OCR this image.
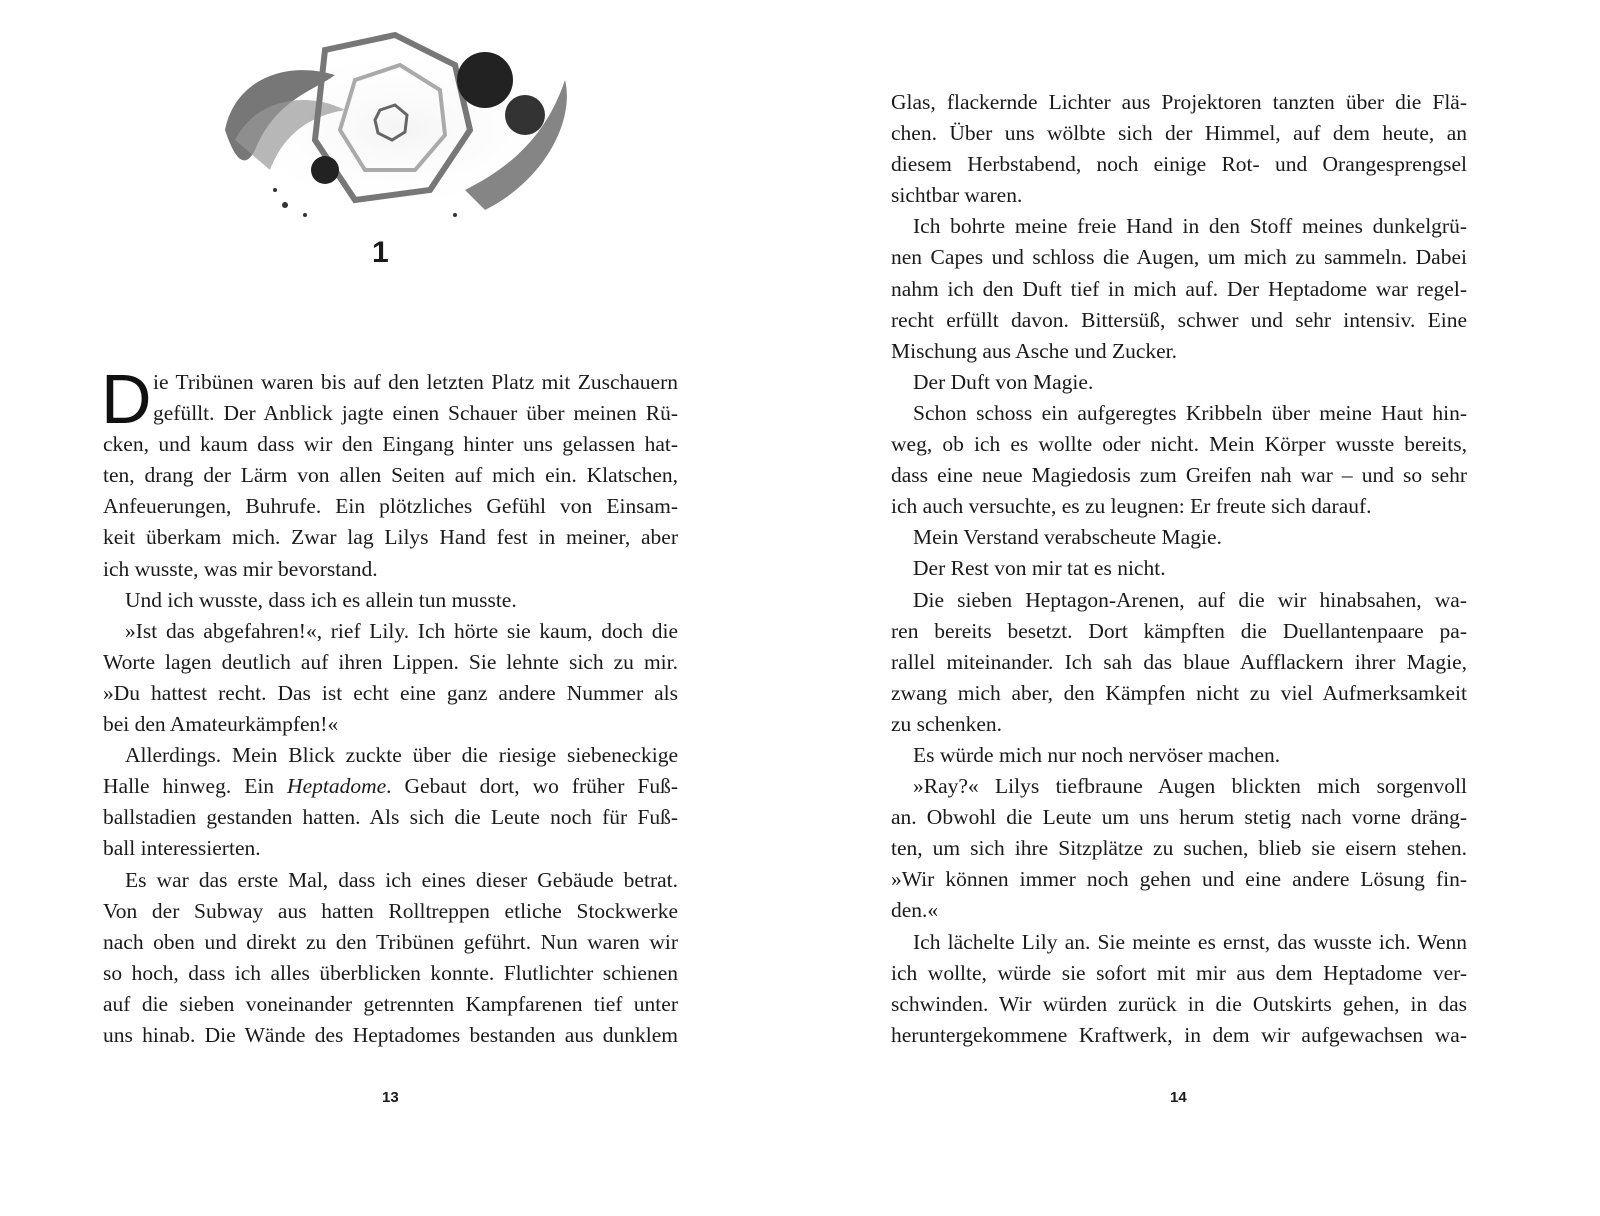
1
D ie Tribünen waren bis auf den letzten Platz mit Zuschauern
gefüllt. Der Anblick jagte einen Schauer über meinen Rü-
cken, und kaum dass wir den Eingang hinter uns gelassen hat-
ten, drang der Lärm von allen Seiten auf mich ein. Klatschen,
Anfeuerungen, Buhrufe. Ein plötzliches Gefühl von Einsam-
keit überkam mich. Zwar lag Lilys Hand fest in meiner, aber
ich wusste, was mir bevorstand.
Und ich wusste, dass ich es allein tun musste.
»Ist das abgefahren!«, rief Lily. Ich hörte sie kaum, doch die
Worte lagen deutlich auf ihren Lippen. Sie lehnte sich zu mir.
»Du hattest recht. Das ist echt eine ganz andere Nummer als
bei den Amateurkämpfen!«
Allerdings. Mein Blick zuckte über die riesige siebeneckige
Halle hinweg. Ein Heptadome. Gebaut dort, wo früher Fuß-
ballstadien gestanden hatten. Als sich die Leute noch für Fuß-
ball interessierten.
Es war das erste Mal, dass ich eines dieser Gebäude betrat.
Von der Subway aus hatten Rolltreppen etliche Stockwerke
nach oben und direkt zu den Tribünen geführt. Nun waren wir
so hoch, dass ich alles überblicken konnte. Flutlichter schienen
auf die sieben voneinander getrennten Kampfarenen tief unter
uns hinab. Die Wände des Heptadomes bestanden aus dunklem
13
Glas, flackernde Lichter aus Projektoren tanzten über die Flä-
chen. Über uns wölbte sich der Himmel, auf dem heute, an
diesem Herbstabend, noch einige Rot- und Orangesprengsel
sichtbar waren.
Ich bohrte meine freie Hand in den Stoff meines dunkelgrü-
nen Capes und schloss die Augen, um mich zu sammeln. Dabei
nahm ich den Duft tief in mich auf. Der Heptadome war regel-
recht erfüllt davon. Bittersüß, schwer und sehr intensiv. Eine
Mischung aus Asche und Zucker.
Der Duft von Magie.
Schon schoss ein aufgeregtes Kribbeln über meine Haut hin-
weg, ob ich es wollte oder nicht. Mein Körper wusste bereits,
dass eine neue Magiedosis zum Greifen nah war – und so sehr
ich auch versuchte, es zu leugnen: Er freute sich darauf.
Mein Verstand verabscheute Magie.
Der Rest von mir tat es nicht.
Die sieben Heptagon-Arenen, auf die wir hinabsahen, wa-
ren bereits besetzt. Dort kämpften die Duellantenpaare pa-
rallel miteinander. Ich sah das blaue Aufflackern ihrer Magie,
zwang mich aber, den Kämpfen nicht zu viel Aufmerksamkeit
zu schenken.
Es würde mich nur noch nervöser machen.
»Ray?« Lilys tiefbraune Augen blickten mich sorgenvoll
an. Obwohl die Leute um uns herum stetig nach vorne dräng-
ten, um sich ihre Sitzplätze zu suchen, blieb sie eisern stehen.
»Wir können immer noch gehen und eine andere Lösung fin-
den.«
Ich lächelte Lily an. Sie meinte es ernst, das wusste ich. Wenn
ich wollte, würde sie sofort mit mir aus dem Heptadome ver-
schwinden. Wir würden zurück in die Outskirts gehen, in das
heruntergekommene Kraftwerk, in dem wir aufgewachsen wa-
14
